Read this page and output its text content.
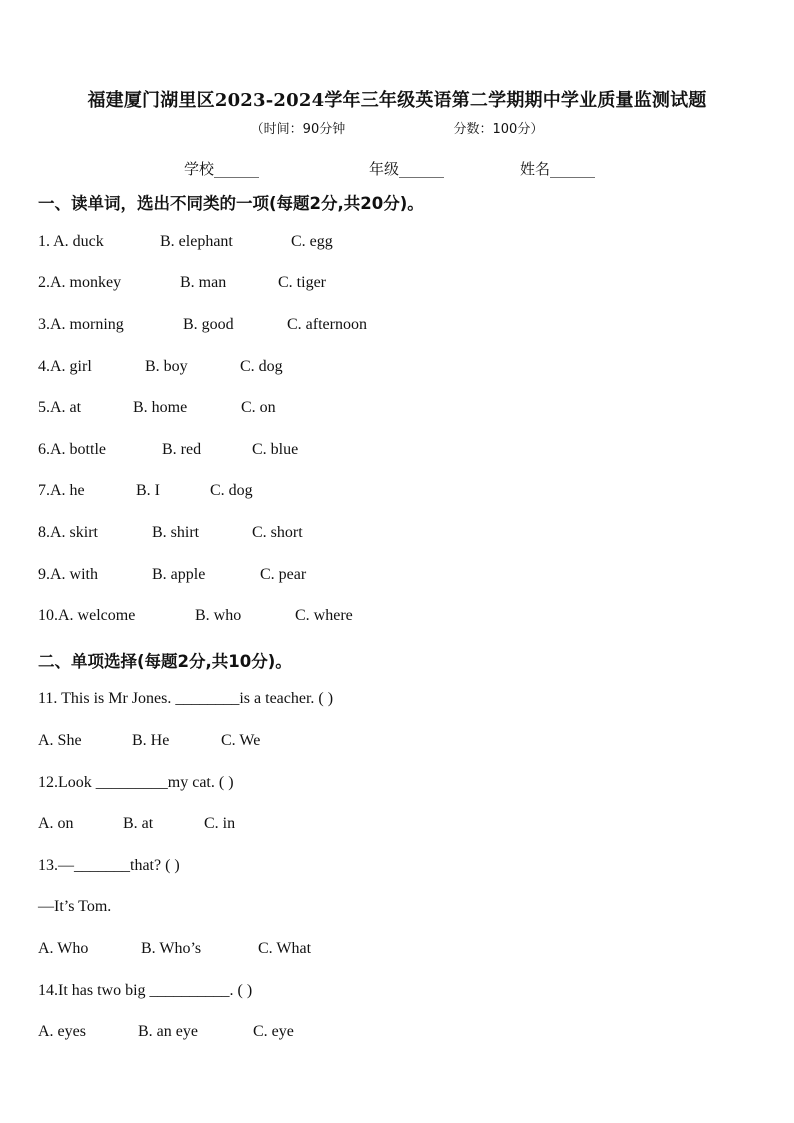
福建厦门湖里区2023-2024学年三年级英语第二学期期中学业质量监测试题
（时间：90分钟	分数：100分）
学校______	年级______	姓名______
一、读单词，选出不同类的一项(每题2分,共20分)。
1. A. duck	B. elephant	C. egg
2.A. monkey	B. man	C. tiger
3.A. morning	B. good	C. afternoon
4.A. girl	B. boy	C. dog
5.A. at	B. home	C. on
6.A. bottle	B. red	C. blue
7.A. he	B. I	C. dog
8.A. skirt	B. shirt	C. short
9.A. with	B. apple	C. pear
10.A. welcome	B. who	C. where
二、单项选择(每题2分,共10分)。
11. This is Mr Jones. ________is a teacher. ( )
A. She	B. He	C. We
12.Look _________my cat. ( )
A. on	B. at	C. in
13.—_______that? ( )
—It’s Tom.
A. Who	B. Who’s	C. What
14.It has two big __________. ( )
A. eyes	B. an eye	C. eye
